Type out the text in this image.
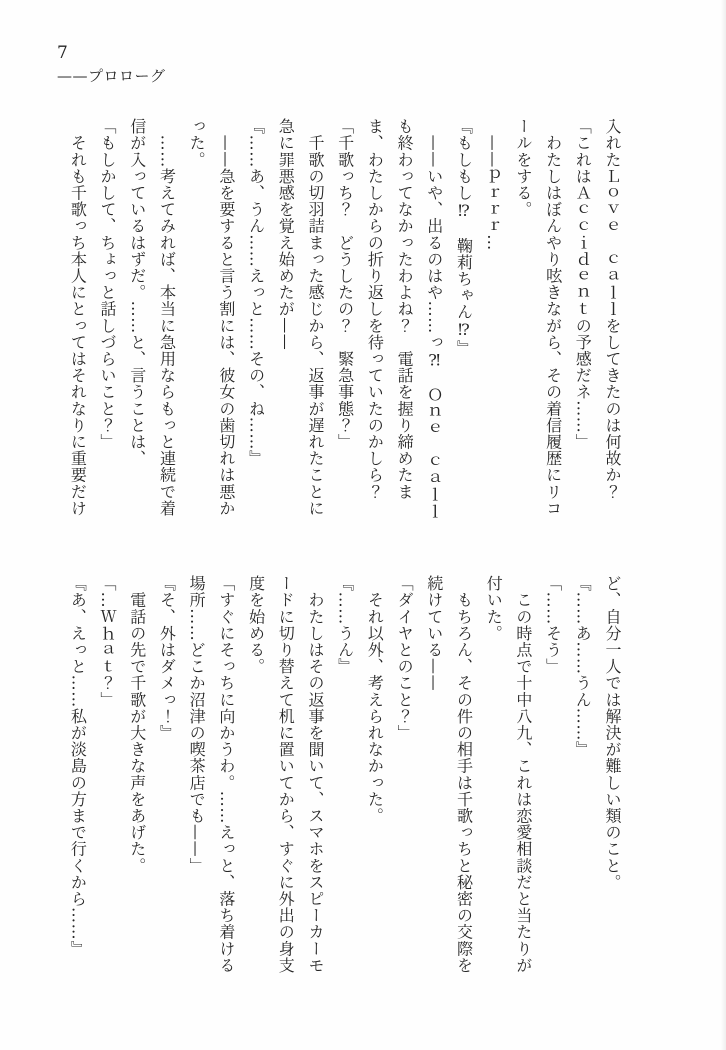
7
——プロローグ
入れたＬｏｖｅ　ｃａｌｌをしてきたのは何故か？
「これはＡｃｃｉｄｅｎｔの予感だネ……」
　わたしはぼんやり呟きながら、その着信履歴にリコ
ールをする。
　——ｐｒｒｒ…
『もしもし⁉　鞠莉ちゃん⁉』
　——いや、出るのはや……っ⁈　Ｏｎｅ　ｃａｌｌ
も終わってなかったわよね？　電話を握り締めたま
ま、わたしからの折り返しを待っていたのかしら？
「千歌っち？　どうしたの？　緊急事態？」
　千歌の切羽詰まった感じから、返事が遅れたことに
急に罪悪感を覚え始めたが——
『……あ、うん……えっと……その、ね……』
　——急を要すると言う割には、彼女の歯切れは悪か
った。
　……考えてみれば、本当に急用ならもっと連続で着
信が入っているはずだ。……と、言うことは、
「もしかして、ちょっと話しづらいこと？」
　それも千歌っち本人にとってはそれなりに重要だけ
ど、自分一人では解決が難しい類のこと。
『……あ……うん……』
「……そう」
　この時点で十中八九、これは恋愛相談だと当たりが
付いた。
　もちろん、その件の相手は千歌っちと秘密の交際を
続けている——
「ダイヤとのこと？」
　それ以外、考えられなかった。
『……うん』
　わたしはその返事を聞いて、スマホをスピーカーモ
ードに切り替えて机に置いてから、すぐに外出の身支
度を始める。
「すぐにそっちに向かうわ。……えっと、落ち着ける
場所……どこか沼津の喫茶店でも——」
『そ、外はダメっ！』
　電話の先で千歌が大きな声をあげた。
「…Ｗｈａｔ？」
『あ、えっと……私が淡島の方まで行くから……』
